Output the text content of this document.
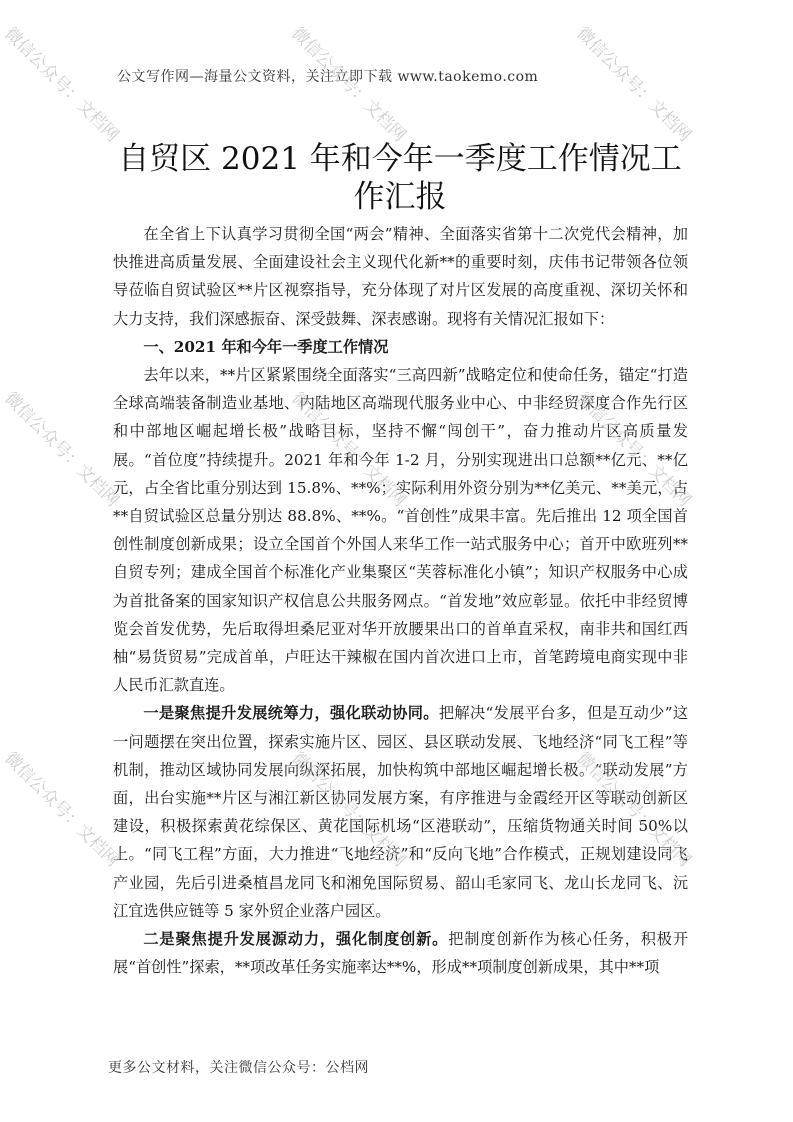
公文写作网—海量公文资料，关注立即下载 www.taokemo.com
自贸区 2021 年和今年一季度工作情况工作汇报

在全省上下认真学习贯彻全国“两会”精神、全面落实省第十二次党代会精神，加快推进高质量发展、全面建设社会主义现代化新**的重要时刻，庆伟书记带领各位领导莅临自贸试验区**片区视察指导，充分体现了对片区发展的高度重视、深切关怀和大力支持，我们深感振奋、深受鼓舞、深表感谢。现将有关情况汇报如下：

一、2021 年和今年一季度工作情况

去年以来，**片区紧紧围绕全面落实“三高四新”战略定位和使命任务，锚定“打造全球高端装备制造业基地、内陆地区高端现代服务业中心、中非经贸深度合作先行区和中部地区崛起增长极”战略目标，坚持不懈“闯创干”，奋力推动片区高质量发展。“首位度”持续提升。2021 年和今年 1-2 月，分别实现进出口总额**亿元、**亿元，占全省比重分别达到 15.8%、**%；实际利用外资分别为**亿美元、**美元，占**自贸试验区总量分别达 88.8%、**%。“首创性”成果丰富。先后推出 12 项全国首创性制度创新成果；设立全国首个外国人来华工作一站式服务中心；首开中欧班列**自贸专列；建成全国首个标准化产业集聚区“芙蓉标准化小镇”；知识产权服务中心成为首批备案的国家知识产权信息公共服务网点。“首发地”效应彰显。依托中非经贸博览会首发优势，先后取得坦桑尼亚对华开放腰果出口的首单直采权，南非共和国红西柚“易货贸易”完成首单，卢旺达干辣椒在国内首次进口上市，首笔跨境电商实现中非人民币汇款直连。

一是聚焦提升发展统筹力，强化联动协同。把解决“发展平台多，但是互动少”这一问题摆在突出位置，探索实施片区、园区、县区联动发展、飞地经济“同飞工程”等机制，推动区域协同发展向纵深拓展，加快构筑中部地区崛起增长极。“联动发展”方面，出台实施**片区与湘江新区协同发展方案，有序推进与金霞经开区等联动创新区建设，积极探索黄花综保区、黄花国际机场“区港联动”，压缩货物通关时间 50%以上。“同飞工程”方面，大力推进“飞地经济”和“反向飞地”合作模式，正规划建设同飞产业园，先后引进桑植昌龙同飞和湘免国际贸易、韶山毛家同飞、龙山长龙同飞、沅江宜选供应链等 5 家外贸企业落户园区。

二是聚焦提升发展源动力，强化制度创新。把制度创新作为核心任务，积极开展“首创性”探索，**项改革任务实施率达**%，形成**项制度创新成果，其中**项

更多公文材料，关注微信公众号：公档网
微信公众号：文档网	微信公众号：文档网	微信公众号：文档网
微信公众号：文档网	微信公众号：文档网	微信公众号：文档网
微信公众号：文档网	微信公众号：文档网	微信公众号：文档网
